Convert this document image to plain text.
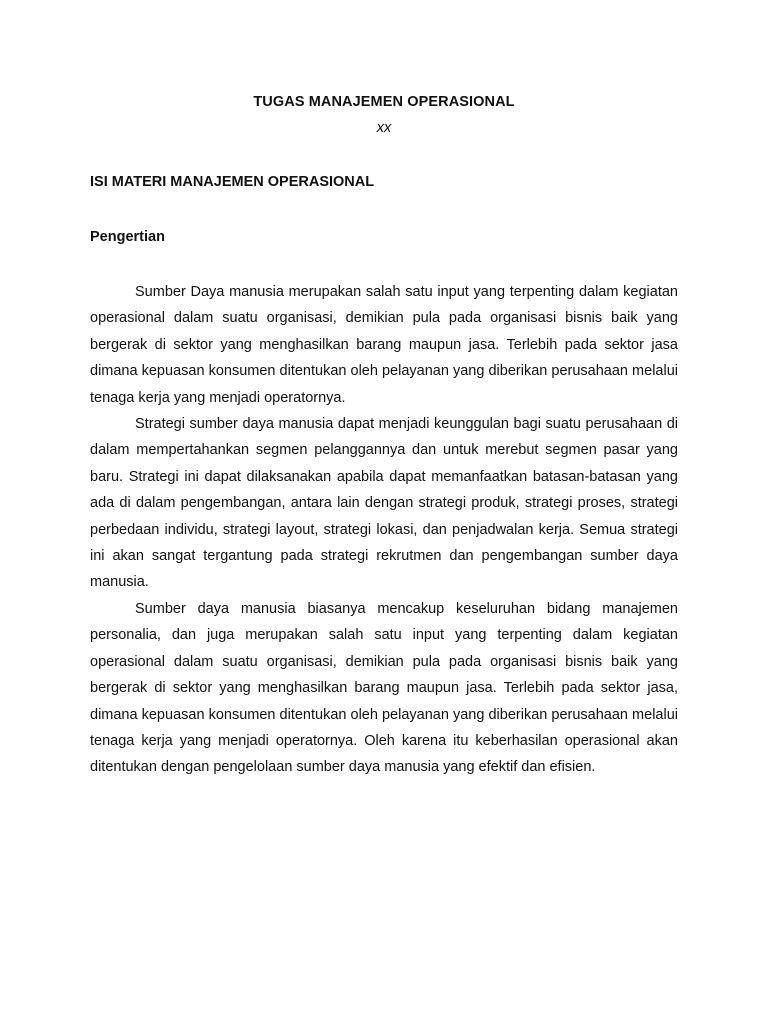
TUGAS MANAJEMEN OPERASIONAL
xx
ISI MATERI MANAJEMEN OPERASIONAL
Pengertian

Sumber Daya manusia merupakan salah satu input yang terpenting dalam kegiatan operasional dalam suatu organisasi, demikian pula pada organisasi bisnis baik yang bergerak di sektor yang menghasilkan barang maupun jasa. Terlebih pada sektor jasa dimana kepuasan konsumen ditentukan oleh pelayanan yang diberikan perusahaan melalui tenaga kerja yang menjadi operatornya.

Strategi sumber daya manusia dapat menjadi keunggulan bagi suatu perusahaan di dalam mempertahankan segmen pelanggannya dan untuk merebut segmen pasar yang baru. Strategi ini dapat dilaksanakan apabila dapat memanfaatkan batasan-batasan yang ada di dalam pengembangan, antara lain dengan strategi produk, strategi proses, strategi perbedaan individu, strategi layout, strategi lokasi, dan penjadwalan kerja. Semua strategi ini akan sangat tergantung pada strategi rekrutmen dan pengembangan sumber daya manusia.

Sumber daya manusia biasanya mencakup keseluruhan bidang manajemen personalia, dan juga merupakan salah satu input yang terpenting dalam kegiatan operasional dalam suatu organisasi, demikian pula pada organisasi bisnis baik yang bergerak di sektor yang menghasilkan barang maupun jasa. Terlebih pada sektor jasa, dimana kepuasan konsumen ditentukan oleh pelayanan yang diberikan perusahaan melalui tenaga kerja yang menjadi operatornya. Oleh karena itu keberhasilan operasional akan ditentukan dengan pengelolaan sumber daya manusia yang efektif dan efisien.
